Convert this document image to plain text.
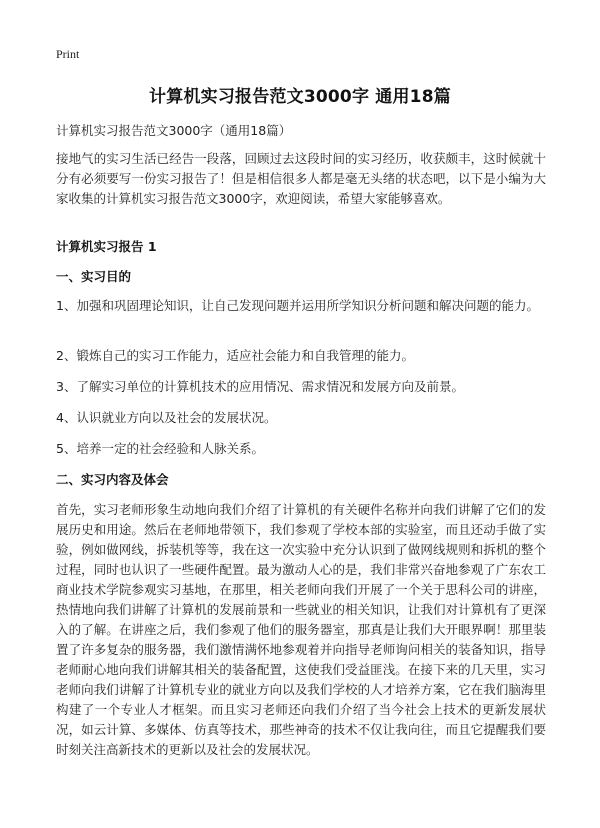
Print
计算机实习报告范文3000字 通用18篇
计算机实习报告范文3000字（通用18篇）
接地气的实习生活已经告一段落，回顾过去这段时间的实习经历，收获颇丰，这时候就十分有必须要写一份实习报告了！但是相信很多人都是毫无头绪的状态吧，以下是小编为大家收集的计算机实习报告范文3000字，欢迎阅读，希望大家能够喜欢。
计算机实习报告 1
一、实习目的
1、加强和巩固理论知识，让自己发现问题并运用所学知识分析问题和解决问题的能力。
2、锻炼自己的实习工作能力，适应社会能力和自我管理的能力。
3、了解实习单位的计算机技术的应用情况、需求情况和发展方向及前景。
4、认识就业方向以及社会的发展状况。
5、培养一定的社会经验和人脉关系。
二、实习内容及体会
首先，实习老师形象生动地向我们介绍了计算机的有关硬件名称并向我们讲解了它们的发展历史和用途。然后在老师地带领下，我们参观了学校本部的实验室，而且还动手做了实验，例如做网线，拆装机等等，我在这一次实验中充分认识到了做网线规则和拆机的整个过程，同时也认识了一些硬件配置。最为激动人心的是，我们非常兴奋地参观了广东农工商业技术学院参观实习基地，在那里，相关老师向我们开展了一个关于思科公司的讲座，热情地向我们讲解了计算机的发展前景和一些就业的相关知识，让我们对计算机有了更深入的了解。在讲座之后，我们参观了他们的服务器室，那真是让我们大开眼界啊！那里装置了许多复杂的服务器，我们激情满怀地参观着并向指导老师询问相关的装备知识，指导老师耐心地向我们讲解其相关的装备配置，这使我们受益匪浅。在接下来的几天里，实习老师向我们讲解了计算机专业的就业方向以及我们学校的人才培养方案，它在我们脑海里构建了一个专业人才框架。而且实习老师还向我们介绍了当今社会上技术的更新发展状况，如云计算、多媒体、仿真等技术，那些神奇的技术不仅让我向往，而且它提醒我们要时刻关注高新技术的更新以及社会的发展状况。
